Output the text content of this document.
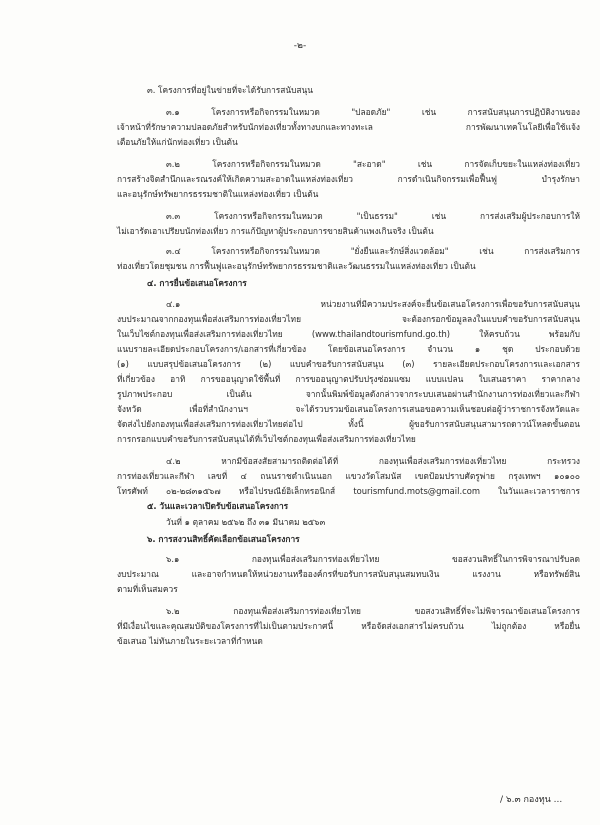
-๒-
๓. โครงการที่อยู่ในข่ายที่จะได้รับการสนับสนุน
๓.๑ โครงการหรือกิจกรรมในหมวด "ปลอดภัย" เช่น การสนับสนุนการปฏิบัติงานของ
เจ้าหน้าที่รักษาความปลอดภัยสำหรับนักท่องเที่ยวทั้งทางบกและทางทะเล การพัฒนาเทคโนโลยีเพื่อใช้แจ้ง
เตือนภัยให้แก่นักท่องเที่ยว เป็นต้น
๓.๒ โครงการหรือกิจกรรมในหมวด "สะอาด" เช่น การจัดเก็บขยะในแหล่งท่องเที่ยว
การสร้างจิตสำนึกและรณรงค์ให้เกิดความสะอาดในแหล่งท่องเที่ยว การดำเนินกิจกรรมเพื่อฟื้นฟู บำรุงรักษา
และอนุรักษ์ทรัพยากรธรรมชาติในแหล่งท่องเที่ยว เป็นต้น
๓.๓ โครงการหรือกิจกรรมในหมวด "เป็นธรรม" เช่น การส่งเสริมผู้ประกอบการให้
ไม่เอารัดเอาเปรียบนักท่องเที่ยว การแก้ปัญหาผู้ประกอบการขายสินค้าแพงเกินจริง เป็นต้น
๓.๔ โครงการหรือกิจกรรมในหมวด "ยั่งยืนและรักษ์สิ่งแวดล้อม" เช่น การส่งเสริมการ
ท่องเที่ยวโดยชุมชน การฟื้นฟูและอนุรักษ์ทรัพยากรธรรมชาติและวัฒนธรรมในแหล่งท่องเที่ยว เป็นต้น
๔. การยื่นข้อเสนอโครงการ
๔.๑ หน่วยงานที่มีความประสงค์จะยื่นข้อเสนอโครงการเพื่อขอรับการสนับสนุน
งบประมาณจากกองทุนเพื่อส่งเสริมการท่องเที่ยวไทย จะต้องกรอกข้อมูลลงในแบบคำขอรับการสนับสนุน
ในเว็บไซต์กองทุนเพื่อส่งเสริมการท่องเที่ยวไทย (www.thailandtourismfund.go.th) ให้ครบถ้วน พร้อมกับ
แนบรายละเอียดประกอบโครงการ/เอกสารที่เกี่ยวข้อง โดยข้อเสนอโครงการ จำนวน ๑ ชุด ประกอบด้วย
(๑) แบบสรุปข้อเสนอโครงการ (๒) แบบคำขอรับการสนับสนุน (๓) รายละเอียดประกอบโครงการและเอกสาร
ที่เกี่ยวข้อง อาทิ การขออนุญาตใช้พื้นที่ การขออนุญาตปรับปรุงซ่อมแซม แบบแปลน ใบเสนอราคา ราคากลาง
รูปภาพประกอบ เป็นต้น จากนั้นพิมพ์ข้อมูลดังกล่าวจากระบบเสนอผ่านสำนักงานการท่องเที่ยวและกีฬา
จังหวัด เพื่อที่สำนักงานฯ จะได้รวบรวมข้อเสนอโครงการเสนอขอความเห็นชอบต่อผู้ว่าราชการจังหวัดและ
จัดส่งไปยังกองทุนเพื่อส่งเสริมการท่องเที่ยวไทยต่อไป ทั้งนี้ ผู้ขอรับการสนับสนุนสามารถดาวน์โหลดขั้นตอน
การกรอกแบบคำขอรับการสนับสนุนได้ที่เว็บไซต์กองทุนเพื่อส่งเสริมการท่องเที่ยวไทย
๔.๒ หากมีข้อสงสัยสามารถติดต่อได้ที่ กองทุนเพื่อส่งเสริมการท่องเที่ยวไทย กระทรวง
การท่องเที่ยวและกีฬา เลขที่ ๔ ถนนราชดำเนินนอก แขวงวัดโสมนัส เขตป้อมปราบศัตรูพ่าย กรุงเทพฯ ๑๐๑๐๐
โทรศัพท์ ๐๒-๒๘๓๑๕๖๗ หรือไปรษณีย์อิเล็กทรอนิกส์ tourismfund.mots@gmail.com ในวันและเวลาราชการ
๕. วันและเวลาเปิดรับข้อเสนอโครงการ
วันที่ ๑ ตุลาคม ๒๕๖๒ ถึง ๓๑ มีนาคม ๒๕๖๓
๖. การสงวนสิทธิ์คัดเลือกข้อเสนอโครงการ
๖.๑ กองทุนเพื่อส่งเสริมการท่องเที่ยวไทย ขอสงวนสิทธิ์ในการพิจารณาปรับลด
งบประมาณ และอาจกำหนดให้หน่วยงานหรือองค์กรที่ขอรับการสนับสนุนสมทบเงิน แรงงาน หรือทรัพย์สิน
ตามที่เห็นสมควร
๖.๒ กองทุนเพื่อส่งเสริมการท่องเที่ยวไทย ขอสงวนสิทธิ์ที่จะไม่พิจารณาข้อเสนอโครงการ
ที่มีเงื่อนไขและคุณสมบัติของโครงการที่ไม่เป็นตามประกาศนี้ หรือจัดส่งเอกสารไม่ครบถ้วน ไม่ถูกต้อง หรือยื่น
ข้อเสนอ ไม่ทันภายในระยะเวลาที่กำหนด
/ ๖.๓ กองทุน ...
